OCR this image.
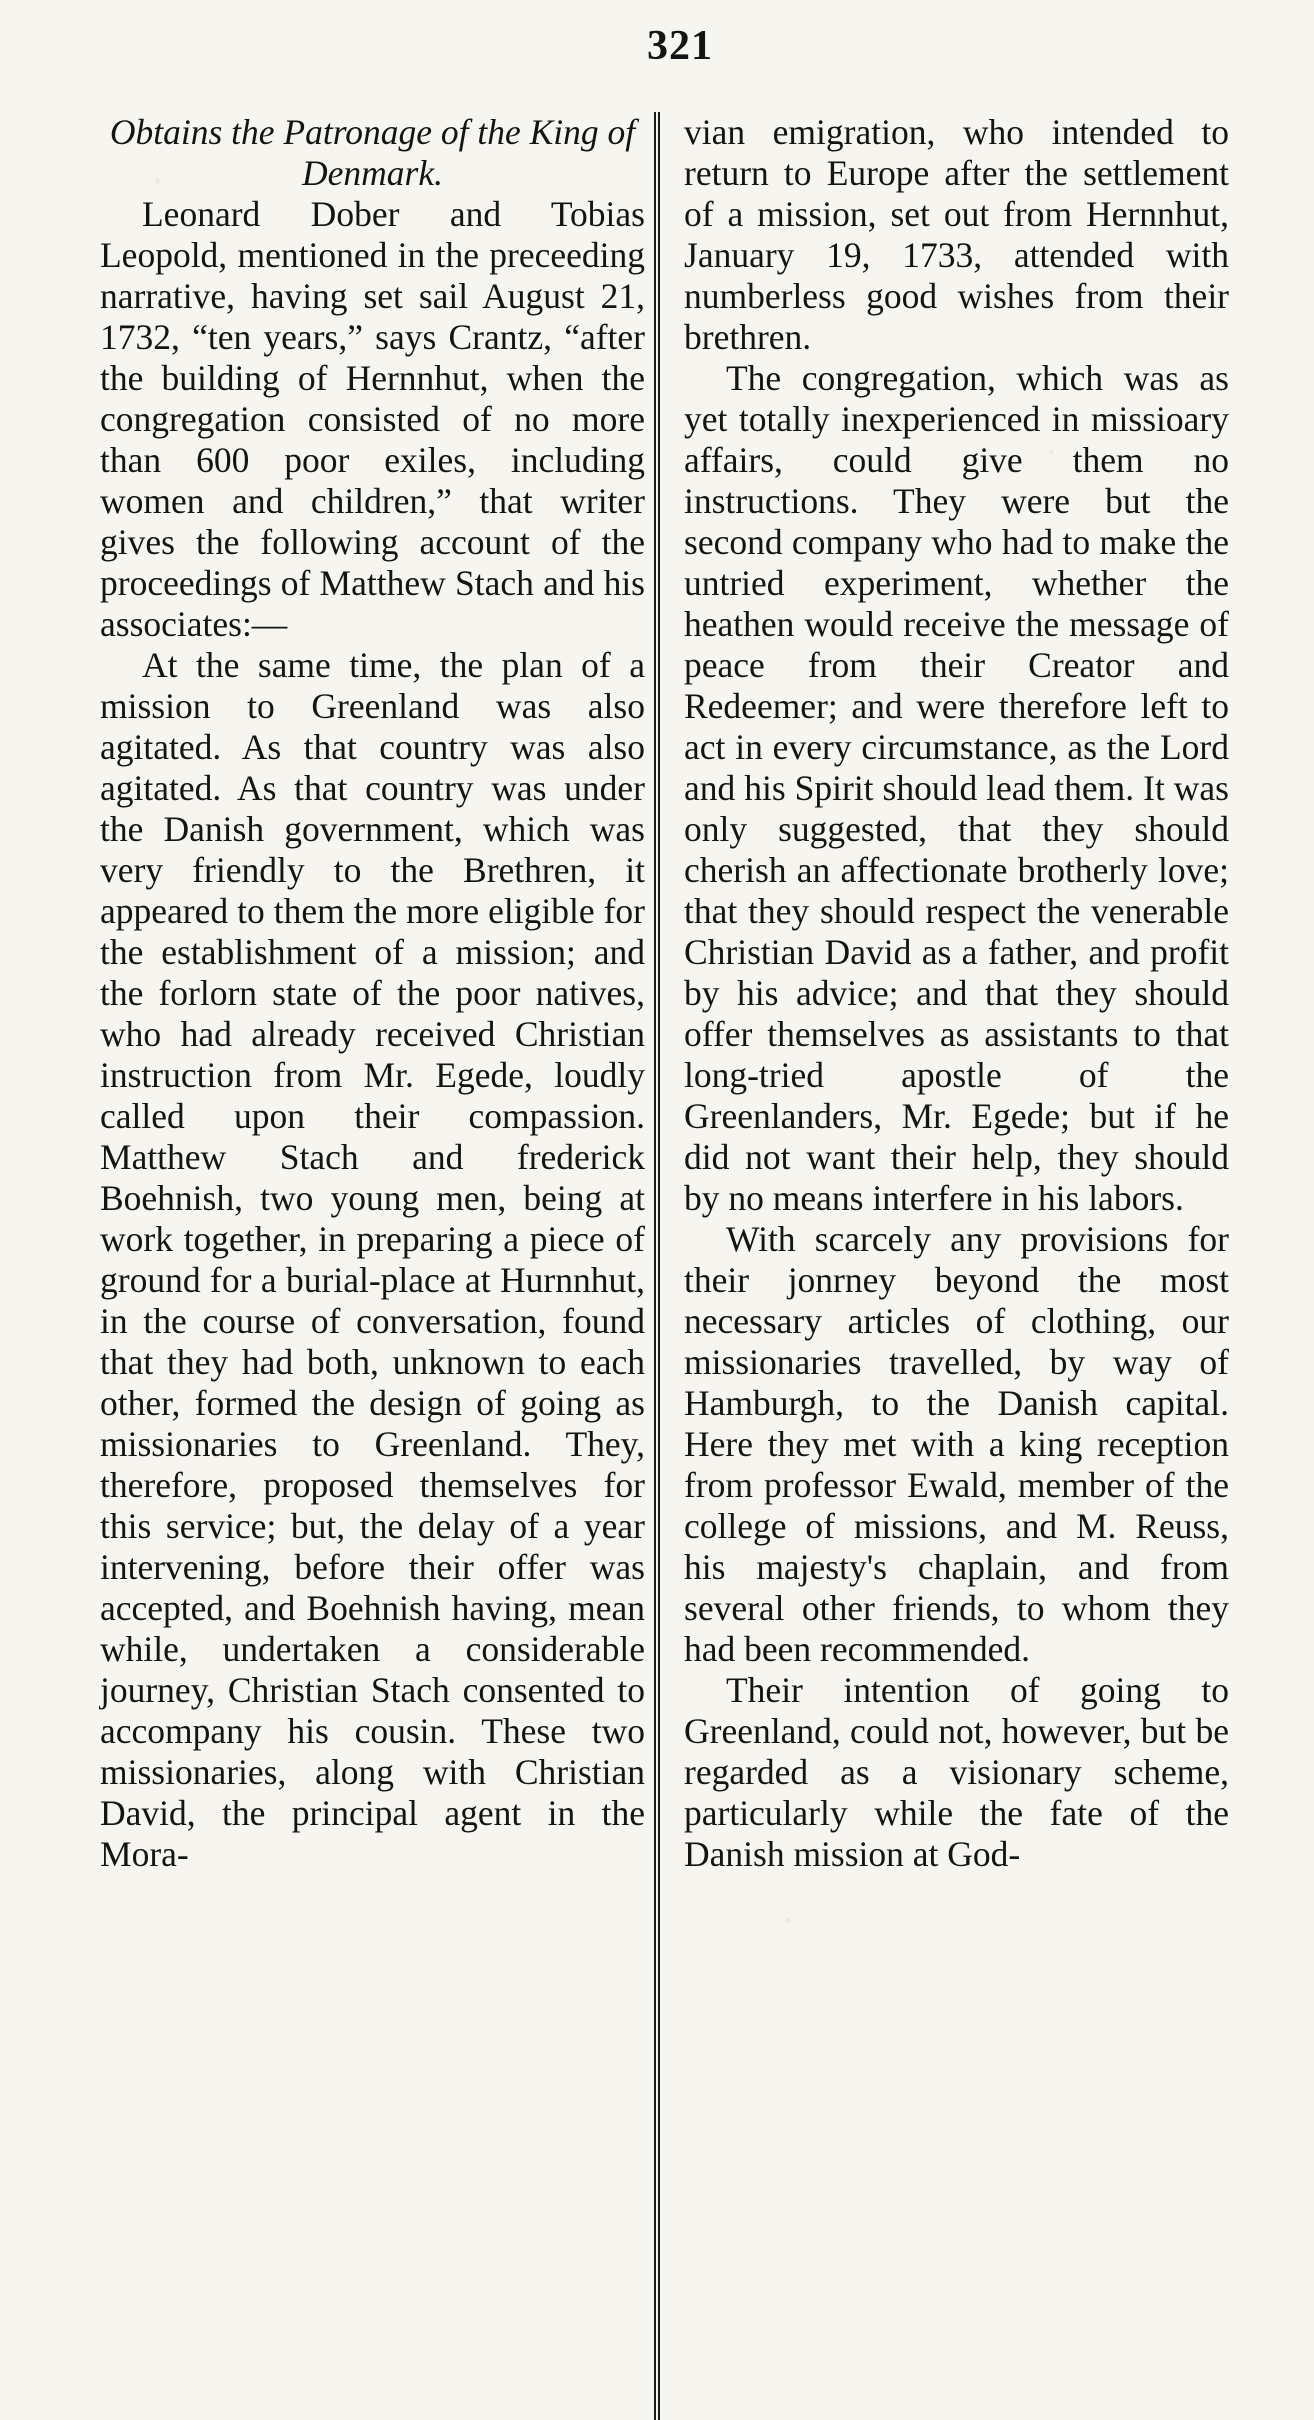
321

Obtains the Patronage of the King of Denmark.

Leonard Dober and Tobias Leopold, mentioned in the preceeding narrative, having set sail August 21, 1732, “ten years,” says Crantz, “after the building of Hernnhut, when the congregation consisted of no more than 600 poor exiles, including women and children,” that writer gives the following account of the proceedings of Matthew Stach and his associates:—

At the same time, the plan of a mission to Greenland was also agitated. As that country was also agitated. As that country was under the Danish government, which was very friendly to the Brethren, it appeared to them the more eligible for the establishment of a mission; and the forlorn state of the poor natives, who had already received Christian instruction from Mr. Egede, loudly called upon their compassion. Matthew Stach and frederick Boehnish, two young men, being at work together, in preparing a piece of ground for a burial-place at Hurnnhut, in the course of conversation, found that they had both, unknown to each other, formed the design of going as missionaries to Greenland. They, therefore, proposed themselves for this service; but, the delay of a year intervening, before their offer was accepted, and Boehnish having, mean while, undertaken a considerable journey, Christian Stach consented to accompany his cousin. These two missionaries, along with Christian David, the principal agent in the Mora-

vian emigration, who intended to return to Europe after the settlement of a mission, set out from Hernnhut, January 19, 1733, attended with numberless good wishes from their brethren.

The congregation, which was as yet totally inexperienced in missioary affairs, could give them no instructions. They were but the second company who had to make the untried experiment, whether the heathen would receive the message of peace from their Creator and Redeemer; and were therefore left to act in every circumstance, as the Lord and his Spirit should lead them. It was only suggested, that they should cherish an affectionate brotherly love; that they should respect the venerable Christian David as a father, and profit by his advice; and that they should offer themselves as assistants to that long-tried apostle of the Greenlanders, Mr. Egede; but if he did not want their help, they should by no means interfere in his labors.

With scarcely any provisions for their jonrney beyond the most necessary articles of clothing, our missionaries travelled, by way of Hamburgh, to the Danish capital. Here they met with a king reception from professor Ewald, member of the college of missions, and M. Reuss, his majesty's chaplain, and from several other friends, to whom they had been recommended.

Their intention of going to Greenland, could not, however, but be regarded as a visionary scheme, particularly while the fate of the Danish mission at God-
